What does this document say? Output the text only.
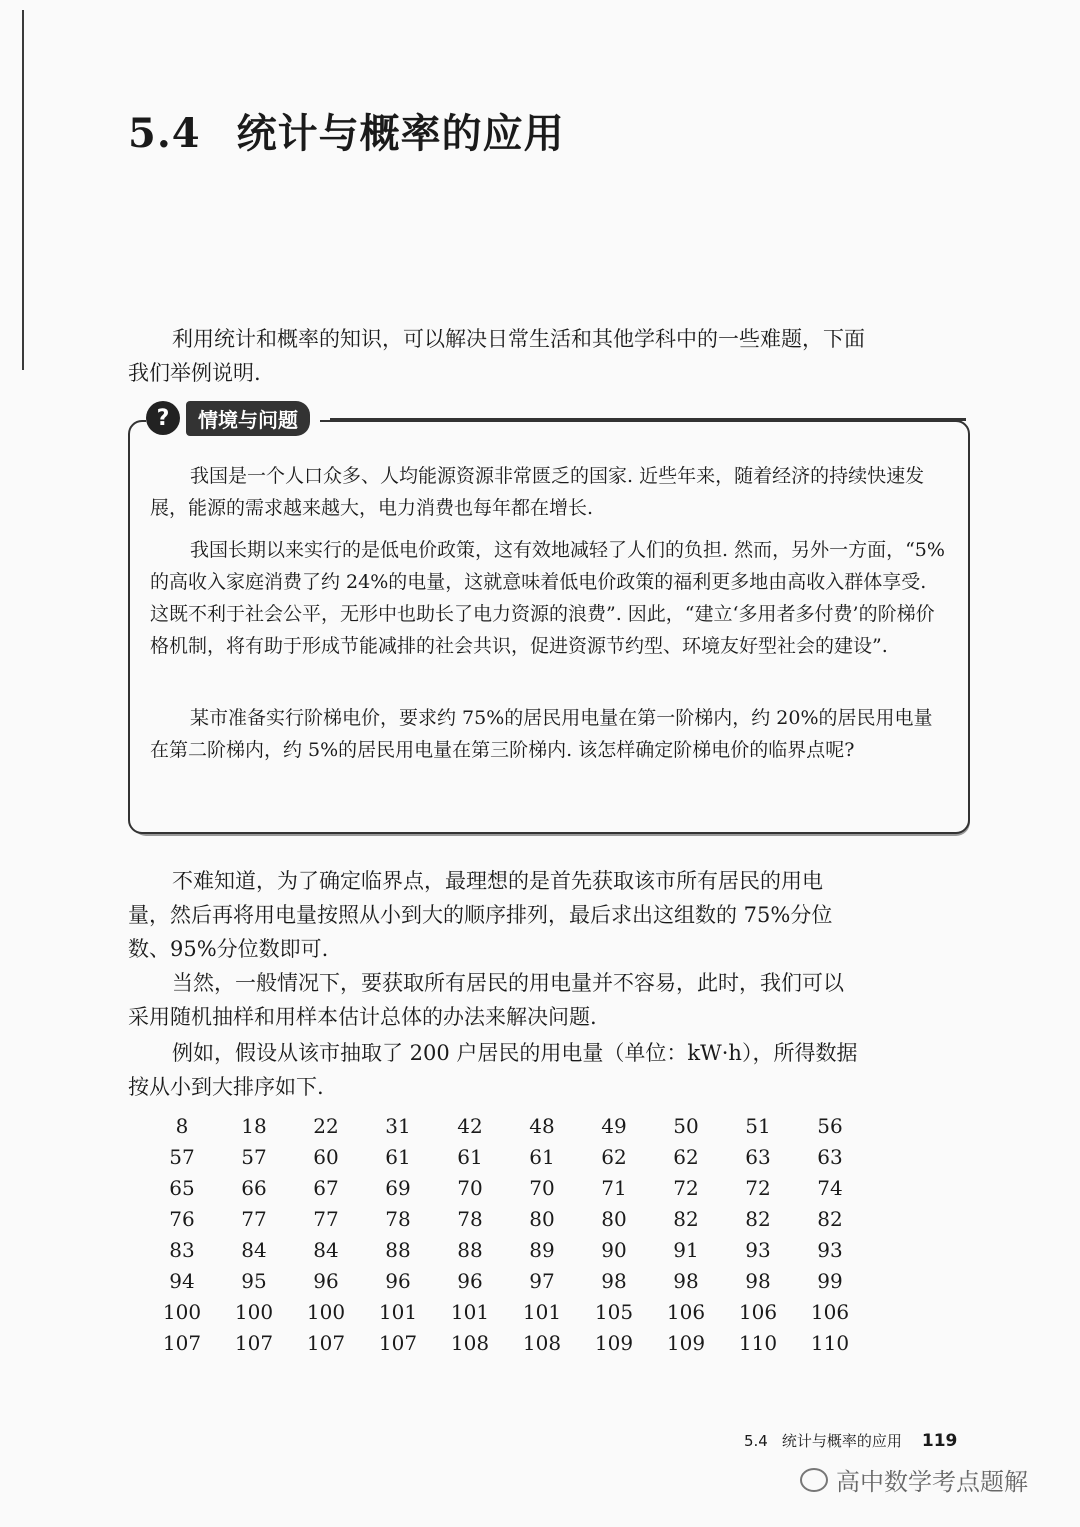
5.4 统计与概率的应用
利用统计和概率的知识，可以解决日常生活和其他学科中的一些难题，下面我们举例说明.
?	情境与问题
我国是一个人口众多、人均能源资源非常匮乏的国家. 近些年来，随着经济的持续快速发展，能源的需求越来越大，电力消费也每年都在增长.
我国长期以来实行的是低电价政策，这有效地减轻了人们的负担. 然而，另外一方面，“5%的高收入家庭消费了约 24%的电量，这就意味着低电价政策的福利更多地由高收入群体享受. 这既不利于社会公平，无形中也助长了电力资源的浪费”. 因此，“建立‘多用者多付费’的阶梯价格机制，将有助于形成节能减排的社会共识，促进资源节约型、环境友好型社会的建设”.
某市准备实行阶梯电价，要求约 75%的居民用电量在第一阶梯内，约 20%的居民用电量在第二阶梯内，约 5%的居民用电量在第三阶梯内. 该怎样确定阶梯电价的临界点呢?
不难知道，为了确定临界点，最理想的是首先获取该市所有居民的用电量，然后再将用电量按照从小到大的顺序排列，最后求出这组数的 75%分位数、95%分位数即可.
当然，一般情况下，要获取所有居民的用电量并不容易，此时，我们可以采用随机抽样和用样本估计总体的办法来解决问题.
例如，假设从该市抽取了 200 户居民的用电量（单位：kW·h），所得数据按从小到大排序如下.
8	18	22	31	42	48	49	50	51	56
57	57	60	61	61	61	62	62	63	63
65	66	67	69	70	70	71	72	72	74
76	77	77	78	78	80	80	82	82	82
83	84	84	88	88	89	90	91	93	93
94	95	96	96	96	97	98	98	98	99
100	100	100	101	101	101	105	106	106	106
107	107	107	107	108	108	109	109	110	110
5.4 统计与概率的应用 119
高中数学考点题解
